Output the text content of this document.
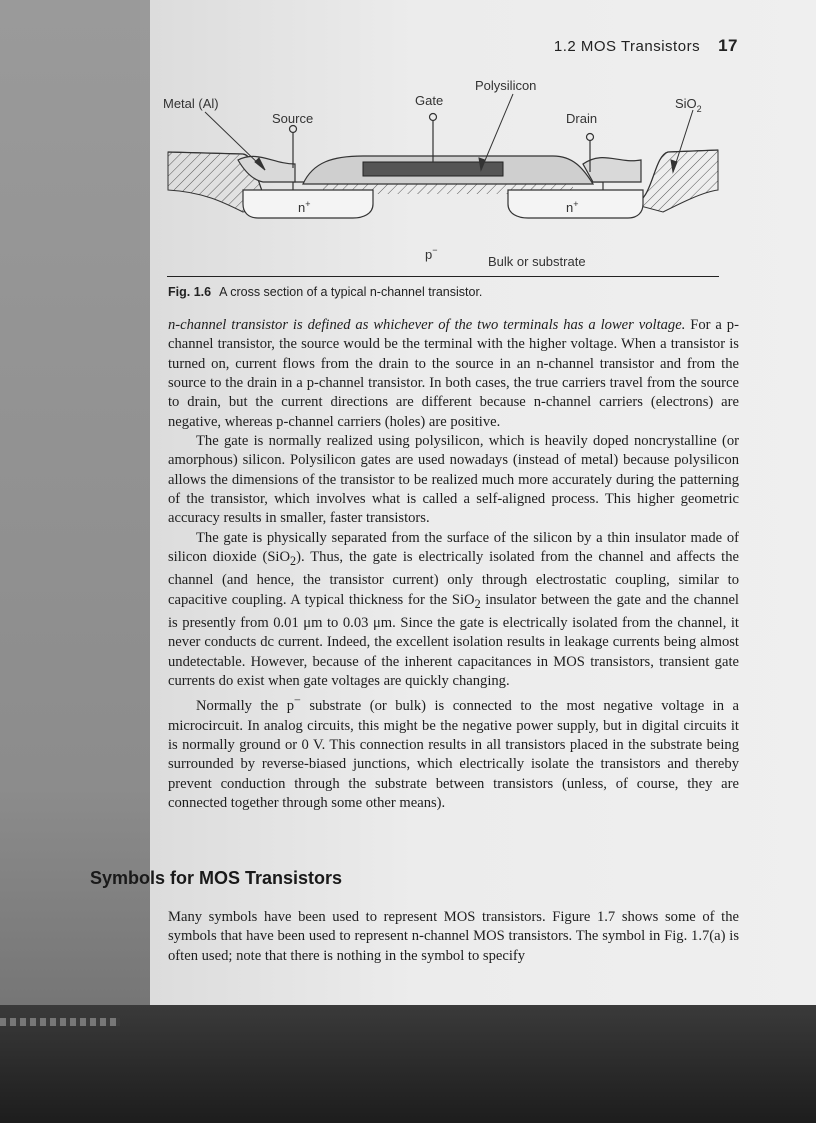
1.2 MOS Transistors 17
Metal (Al)
Source
Gate
Polysilicon
Drain
SiO$_2$
n+	n+
p−
Bulk or substrate
Fig. 1.6 A cross section of a typical n-channel transistor.

n-channel transistor is defined as whichever of the two terminals has a lower voltage. For a p-channel transistor, the source would be the terminal with the higher voltage. When a transistor is turned on, current flows from the drain to the source in an n-channel transistor and from the source to the drain in a p-channel transistor. In both cases, the true carriers travel from the source to drain, but the current directions are different because n-channel carriers (electrons) are negative, whereas p-channel carriers (holes) are positive.

The gate is normally realized using polysilicon, which is heavily doped noncrystalline (or amorphous) silicon. Polysilicon gates are used nowadays (instead of metal) because polysilicon allows the dimensions of the transistor to be realized much more accurately during the patterning of the transistor, which involves what is called a self-aligned process. This higher geometric accuracy results in smaller, faster transistors.

The gate is physically separated from the surface of the silicon by a thin insulator made of silicon dioxide (SiO$_2$). Thus, the gate is electrically isolated from the channel and affects the channel (and hence, the transistor current) only through electrostatic coupling, similar to capacitive coupling. A typical thickness for the SiO$_2$ insulator between the gate and the channel is presently from 0.01 μm to 0.03 μm. Since the gate is electrically isolated from the channel, it never conducts dc current. Indeed, the excellent isolation results in leakage currents being almost undetectable. However, because of the inherent capacitances in MOS transistors, transient gate currents do exist when gate voltages are quickly changing.

Normally the p− substrate (or bulk) is connected to the most negative voltage in a microcircuit. In analog circuits, this might be the negative power supply, but in digital circuits it is normally ground or 0 V. This connection results in all transistors placed in the substrate being surrounded by reverse-biased junctions, which electrically isolate the transistors and thereby prevent conduction through the substrate between transistors (unless, of course, they are connected together through some other means).

Symbols for MOS Transistors

Many symbols have been used to represent MOS transistors. Figure 1.7 shows some of the symbols that have been used to represent n-channel MOS transistors. The symbol in Fig. 1.7(a) is often used; note that there is nothing in the symbol to specify
